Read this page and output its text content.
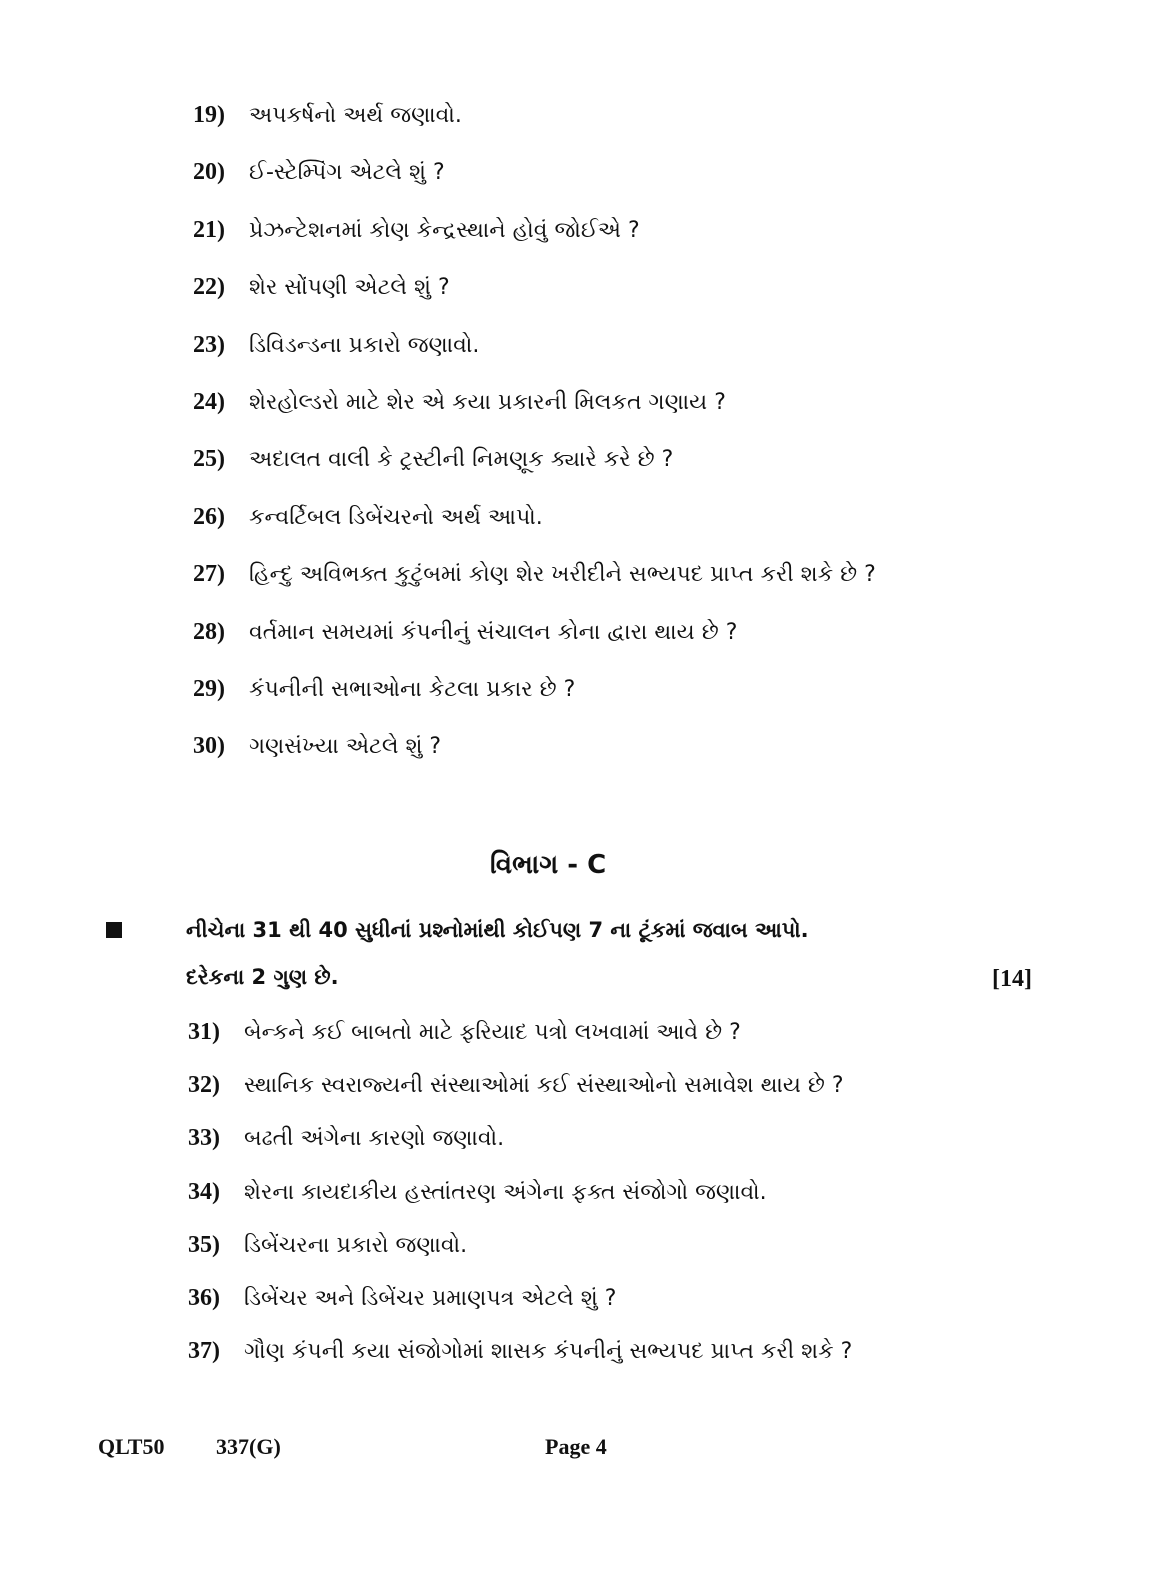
19) અપકર્ષનો અર્થ જણાવો.
20) ઈ-સ્ટેમ્પિંગ એટલે શું ?
21) પ્રેઝન્ટેશનમાં કોણ કેન્દ્રસ્થાને હોવું જોઈએ ?
22) શેર સોંપણી એટલે શું ?
23) ડિવિડન્ડના પ્રકારો જણાવો.
24) શેરહોલ્ડરો માટે શેર એ કયા પ્રકારની મિલકત ગણાય ?
25) અદાલત વાલી કે ટ્રસ્ટીની નિમણૂક ક્યારે કરે છે ?
26) કન્વર્ટિબલ ડિબેંચરનો અર્થ આપો.
27) હિન્દુ અવિભક્ત કુટુંબમાં કોણ શેર ખરીદીને સભ્યપદ પ્રાપ્ત કરી શકે છે ?
28) વર્તમાન સમયમાં કંપનીનું સંચાલન કોના દ્વારા થાય છે ?
29) કંપનીની સભાઓના કેટલા પ્રકાર છે ?
30) ગણસંખ્યા એટલે શું ?
વિભાગ - C
નીચેના 31 થી 40 સુધીનાં પ્રશ્નોમાંથી કોઈપણ 7 ના ટૂંકમાં જવાબ આપો.
દરેકના 2 ગુણ છે.	[14]
31) બેન્કને કઈ બાબતો માટે ફરિયાદ પત્રો લખવામાં આવે છે ?
32) સ્થાનિક સ્વરાજ્યની સંસ્થાઓમાં કઈ સંસ્થાઓનો સમાવેશ થાય છે ?
33) બઢતી અંગેના કારણો જણાવો.
34) શેરના કાયદાકીય હસ્તાંતરણ અંગેના ફક્ત સંજોગો જણાવો.
35) ડિબેંચરના પ્રકારો જણાવો.
36) ડિબેંચર અને ડિબેંચર પ્રમાણપત્ર એટલે શું ?
37) ગૌણ કંપની કયા સંજોગોમાં શાસક કંપનીનું સભ્યપદ પ્રાપ્ત કરી શકે ?
QLT50 337(G)	Page 4
